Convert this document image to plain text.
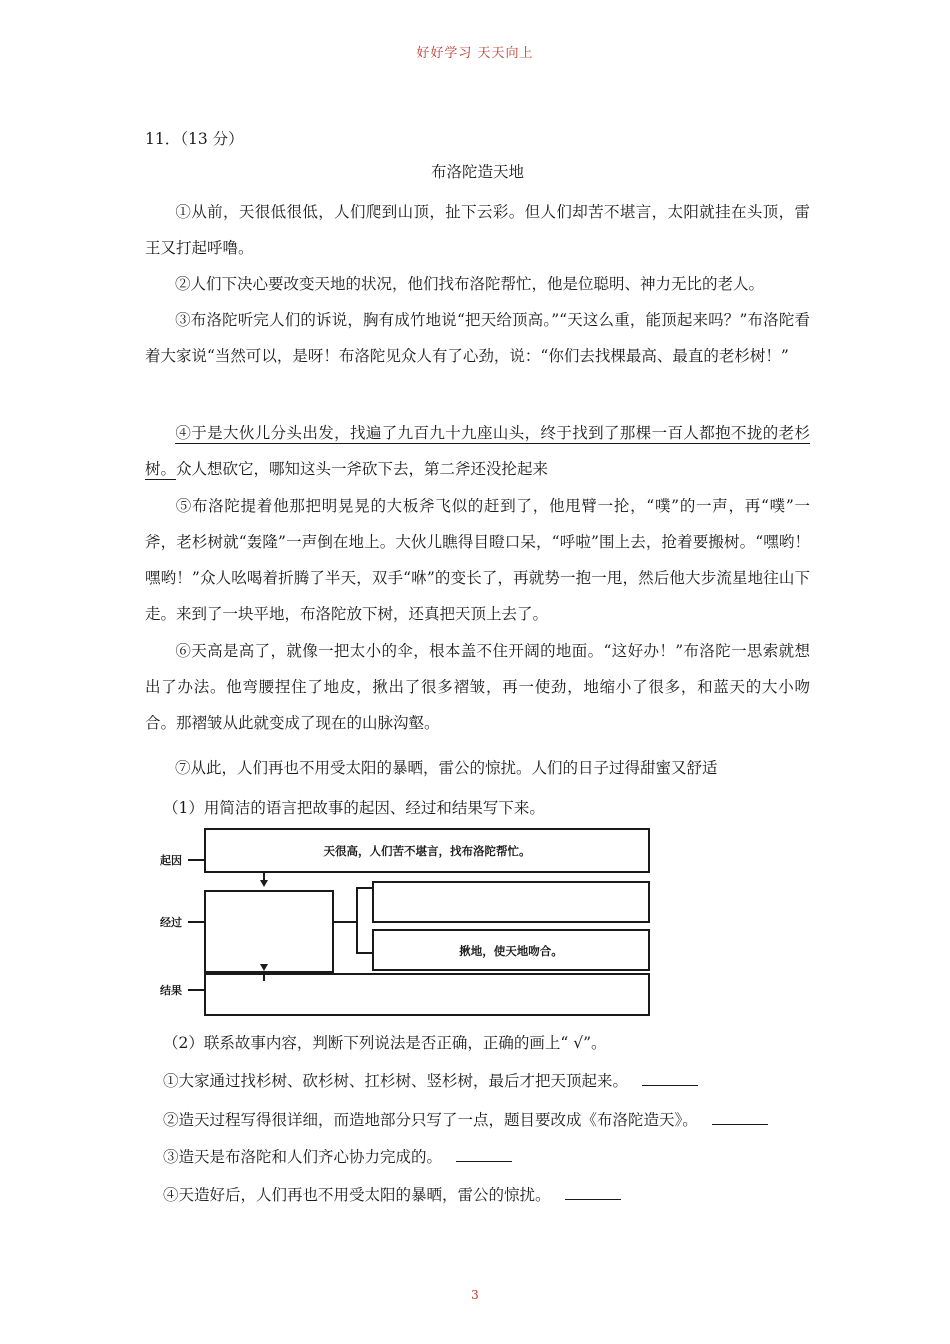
好好学习 天天向上
11．（13 分）
布洛陀造天地
①从前，天很低很低，人们爬到山顶，扯下云彩。但人们却苦不堪言，太阳就挂在头顶，雷王又打起呼噜。
②人们下决心要改变天地的状况，他们找布洛陀帮忙，他是位聪明、神力无比的老人。
③布洛陀听完人们的诉说，胸有成竹地说“把天给顶高。”“天这么重，能顶起来吗？”布洛陀看着大家说“当然可以，是呀！布洛陀见众人有了心劲，说：“你们去找棵最高、最直的老杉树！”
④于是大伙儿分头出发，找遍了九百九十九座山头，终于找到了那棵一百人都抱不拢的老杉树。众人想砍它，哪知这头一斧砍下去，第二斧还没抡起来
⑤布洛陀提着他那把明晃晃的大板斧飞似的赶到了，他甩臂一抡，“噗”的一声，再“噗”一斧，老杉树就“轰隆”一声倒在地上。大伙儿瞧得目瞪口呆，“呼啦”围上去，抢着要搬树。“嘿哟！嘿哟！”众人吆喝着折腾了半天，双手“咻”的变长了，再就势一抱一甩，然后他大步流星地往山下走。来到了一块平地，布洛陀放下树，还真把天顶上去了。
⑥天高是高了，就像一把太小的伞，根本盖不住开阔的地面。“这好办！”布洛陀一思索就想出了办法。他弯腰捏住了地皮，揪出了很多褶皱，再一使劲，地缩小了很多，和蓝天的大小吻合。那褶皱从此就变成了现在的山脉沟壑。
⑦从此，人们再也不用受太阳的暴晒，雷公的惊扰。人们的日子过得甜蜜又舒适
（1）用简洁的语言把故事的起因、经过和结果写下来。
（2）联系故事内容，判断下列说法是否正确，正确的画上“ √”。
①大家通过找杉树、砍杉树、扛杉树、竖杉树，最后才把天顶起来。
②造天过程写得很详细，而造地部分只写了一点，题目要改成《布洛陀造天》。
③造天是布洛陀和人们齐心协力完成的。
④天造好后，人们再也不用受太阳的暴晒，雷公的惊扰。
起因
经过
结果
天很高，人们苦不堪言，找布洛陀帮忙。
揪地，使天地吻合。
3
